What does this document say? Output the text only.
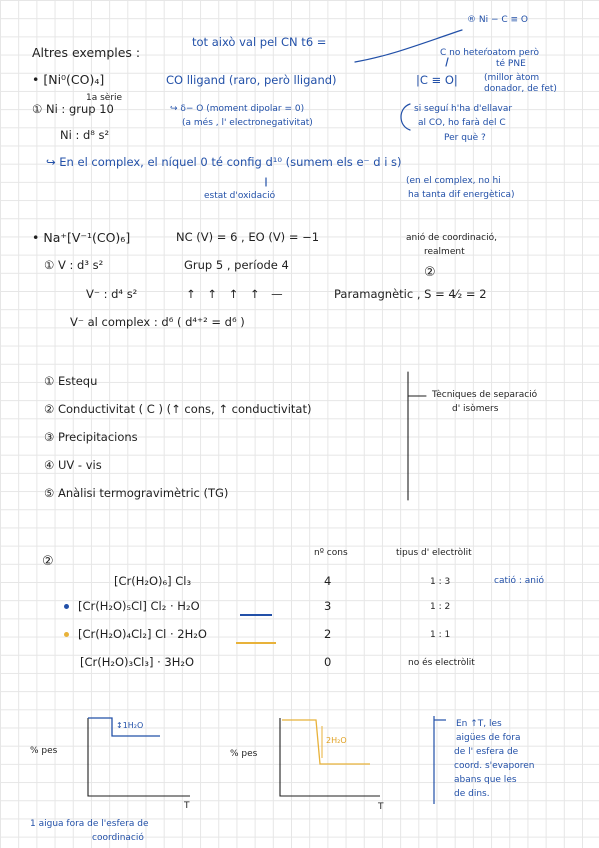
® Ni − C ≡ O
Altres exemples :
tot això val pel CN t6 =
• [Ni⁰(CO)₄]	CO lligand (raro, però lligand)	|C ≡ O|
C no heteŕoatom però
té PNE
(millor àtom
donador, de fet)
1a sèrie
① Ni : grup 10
Ni : d⁸ s²
↪ δ− O (moment dipolar = 0)
(a més , l' electronegativitat)
si seguí h'ha d'ellavar
al CO, ho farà del C
Per què ?
↪ En el complex, el níquel 0 té config d¹⁰ (sumem els e⁻ d i s)
estat d'oxidació
(en el complex, no hi
ha tanta dif energètica)
• Na⁺[V⁻¹(CO)₆]	NC (V) = 6 , EO (V) = −1	anió de coordinació,
realment
① V : d³ s²	Grup 5 , període 4	②
V⁻ : d⁴ s²	↑ ↑ ↑ ↑ —	Paramagnètic , S = 4⁄₂ = 2
V⁻ al complex : d⁶ ( d⁴⁺² = d⁶ )
① Estequ
② Conductivitat ( C ) (↑ cons, ↑ conductivitat)
③ Precipitacions
④ UV - vis
⑤ Anàlisi termogravimètric (TG)
Tècniques de separació
d' isòmers
②
nº cons	tipus d' electròlit
catió : anió
[Cr(H₂O)₆] Cl₃	4	1 : 3
[Cr(H₂O)₅Cl] Cl₂ · H₂O	3	1 : 2
[Cr(H₂O)₄Cl₂] Cl · 2H₂O	2	1 : 1
[Cr(H₂O)₃Cl₃] · 3H₂O	0	no és electròlit
% pes
T
↕1H₂O
% pes
T
2H₂O
1 aigua fora de l'esfera de
coordinació
En ↑T, les
aigües de fora
de l' esfera de
coord. s'evaporen
abans que les
de dins.
